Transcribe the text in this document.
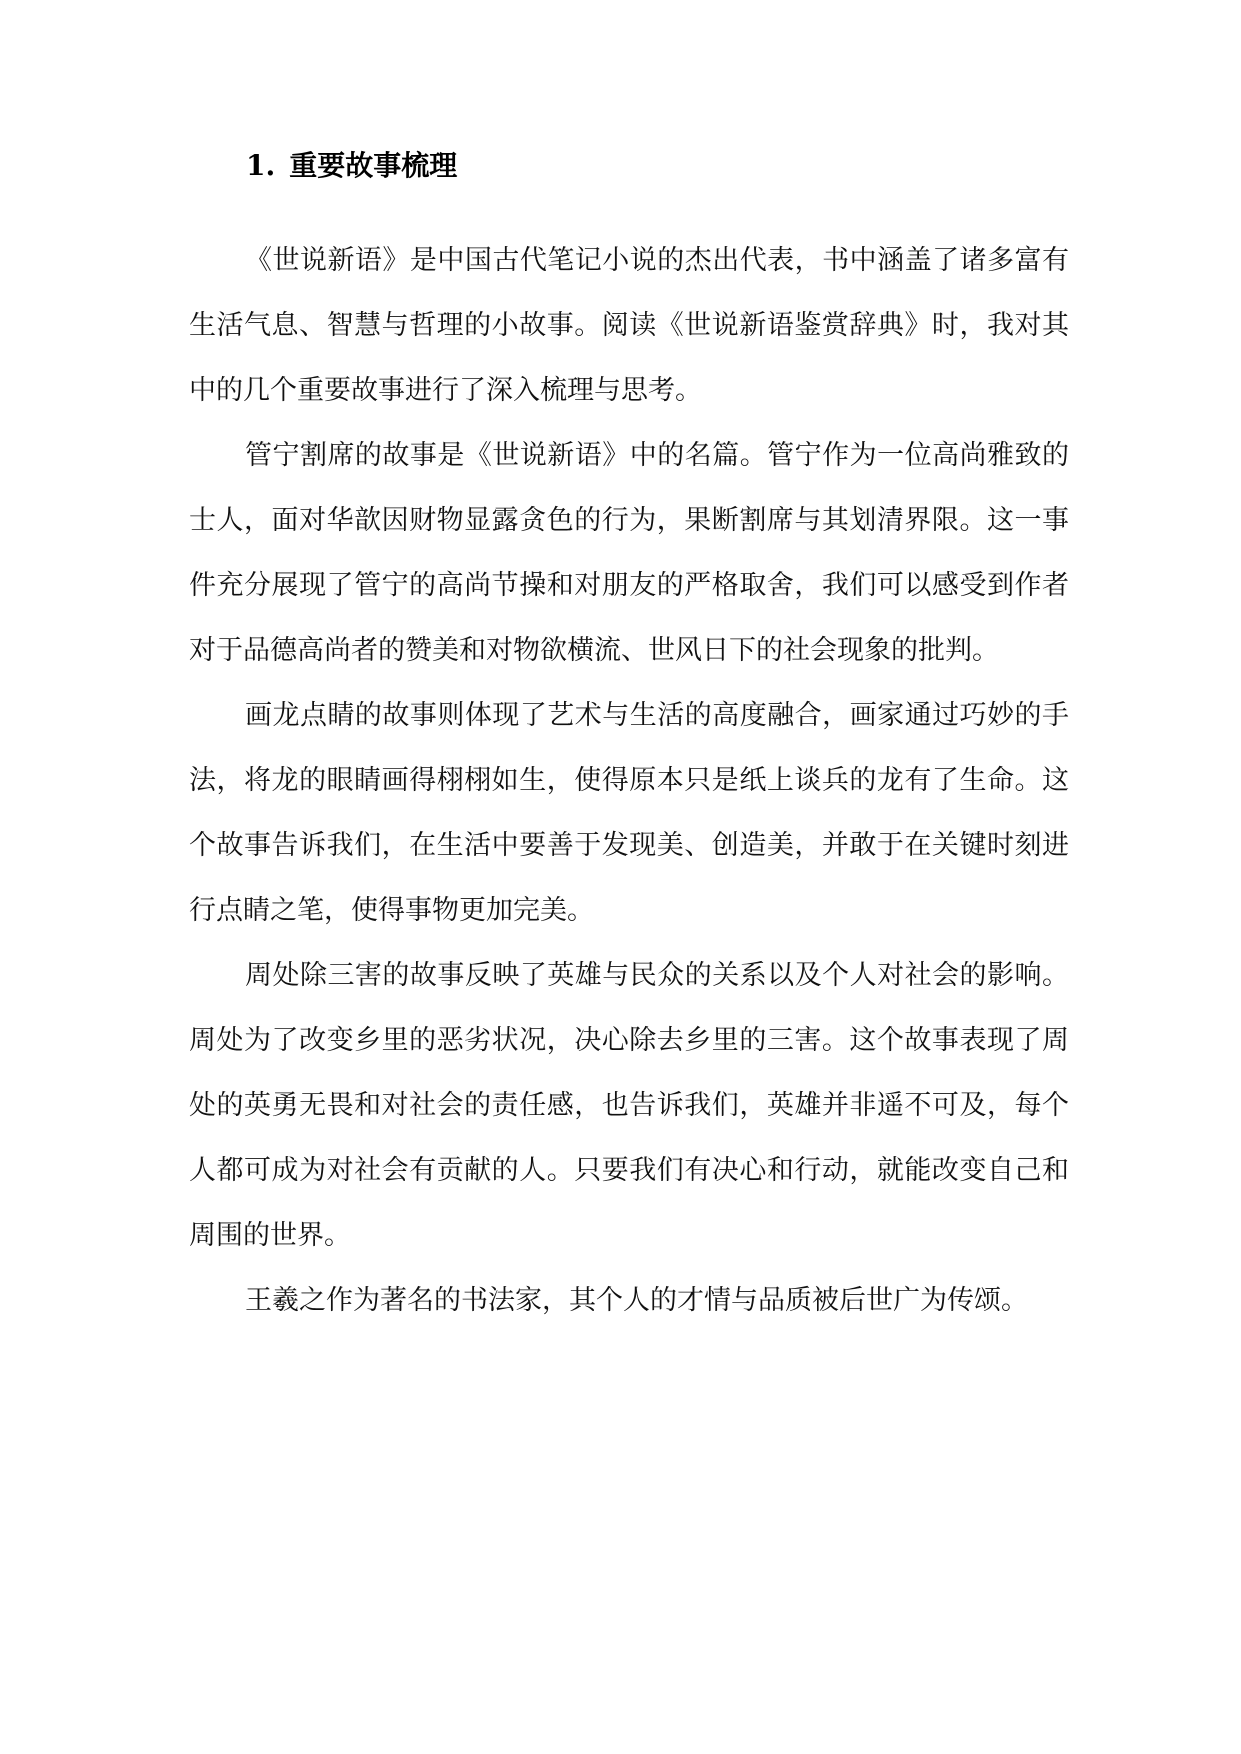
1. 重要故事梳理

《世说新语》是中国古代笔记小说的杰出代表，书中涵盖了诸多富有生活气息、智慧与哲理的小故事。阅读《世说新语鉴赏辞典》时，我对其中的几个重要故事进行了深入梳理与思考。

管宁割席的故事是《世说新语》中的名篇。管宁作为一位高尚雅致的士人，面对华歆因财物显露贪色的行为，果断割席与其划清界限。这一事件充分展现了管宁的高尚节操和对朋友的严格取舍，我们可以感受到作者对于品德高尚者的赞美和对物欲横流、世风日下的社会现象的批判。

画龙点睛的故事则体现了艺术与生活的高度融合，画家通过巧妙的手法，将龙的眼睛画得栩栩如生，使得原本只是纸上谈兵的龙有了生命。这个故事告诉我们，在生活中要善于发现美、创造美，并敢于在关键时刻进行点睛之笔，使得事物更加完美。

周处除三害的故事反映了英雄与民众的关系以及个人对社会的影响。周处为了改变乡里的恶劣状况，决心除去乡里的三害。这个故事表现了周处的英勇无畏和对社会的责任感，也告诉我们，英雄并非遥不可及，每个人都可成为对社会有贡献的人。只要我们有决心和行动，就能改变自己和周围的世界。

王羲之作为著名的书法家，其个人的才情与品质被后世广为传颂。
